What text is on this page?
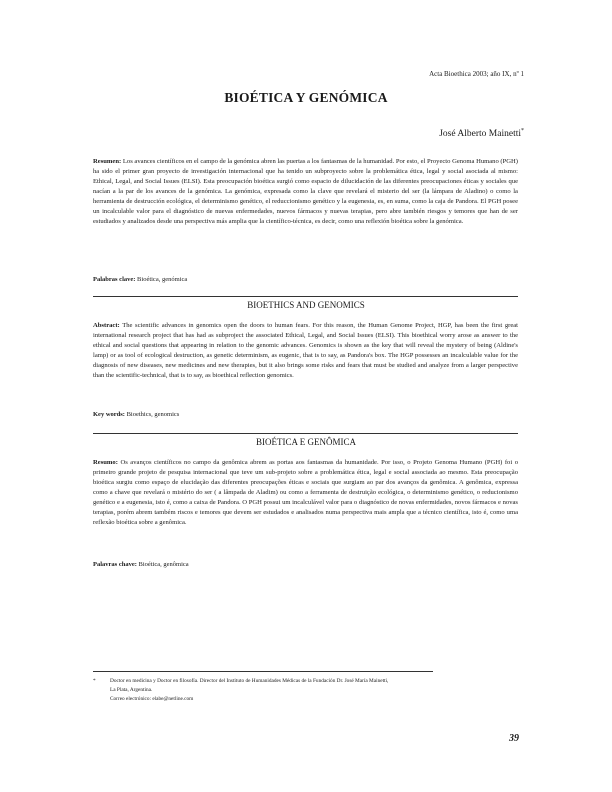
Acta Bioethica 2003; año IX, nº 1
BIOÉTICA Y GENÓMICA
José Alberto Mainetti*
Resumen: Los avances científicos en el campo de la genómica abren las puertas a los fantasmas de la humanidad. Por esto, el Proyecto Genoma Humano (PGH) ha sido el primer gran proyecto de investigación internacional que ha tenido un subproyecto sobre la problemática ética, legal y social asociada al mismo: Ethical, Legal, and Social Issues (ELSI). Esta preocupación bioética surgió como espacio de dilucidación de las diferentes preocupaciones éticas y sociales que nacían a la par de los avances de la genómica. La genómica, expresada como la clave que revelará el misterio del ser (la lámpara de Aladino) o como la herramienta de destrucción ecológica, el determinismo genético, el reduccionismo genético y la eugenesia, es, en suma, como la caja de Pandora. El PGH posee un incalculable valor para el diagnóstico de nuevas enfermedades, nuevos fármacos y nuevas terapias, pero abre también riesgos y temores que han de ser estudiados y analizados desde una perspectiva más amplia que la científico-técnica, es decir, como una reflexión bioética sobre la genómica.
Palabras clave: Bioética, genómica
BIOETHICS AND GENOMICS
Abstract: The scientific advances in genomics open the doors to human fears. For this reason, the Human Genome Project, HGP, has been the first great international research project that has had as subproject the associated Ethical, Legal, and Social Issues (ELSI). This bioethical worry arose as answer to the ethical and social questions that appearing in relation to the genomic advances. Genomics is shown as the key that will reveal the mystery of being (Aldine's lamp) or as tool of ecological destruction, as genetic determinism, as eugenic, that is to say, as Pandora's box. The HGP possesses an incalculable value for the diagnosis of new diseases, new medicines and new therapies, but it also brings some risks and fears that must be studied and analyze from a larger perspective than the scientific-technical, that is to say, as bioethical reflection genomics.
Key words: Bioethics, genomics
BIOÉTICA E GENÔMICA
Resumo: Os avanços científicos no campo da genômica abrem as portas aos fantasmas da humanidade. Por isso, o Projeto Genoma Humano (PGH) foi o primeiro grande projeto de pesquisa internacional que teve um sub-projeto sobre a problemática ética, legal e social associada ao mesmo. Esta preocupação bioética surgiu como espaço de elucidação das diferentes preocupações éticas e sociais que surgiam ao par dos avanços da genômica. A genômica, expressa como a chave que revelará o mistério do ser ( a lâmpada de Aladim) ou como a ferramenta de destruição ecológica, o determinismo genético, o reducionismo genético e a eugenesia, isto é, como a caixa de Pandora. O PGH possui um incalculável valor para o diagnóstico de novas enfermidades, novos fármacos e novas terapias, porém abrem também riscos e temores que devem ser estudados e analisados numa perspectiva mais ampla que a técnico científica, isto é, como uma reflexão bioética sobre a genômica.
Palavras chave: Bioética, genômica
*	Doctor en medicina y Doctor en filosofía. Director del Instituto de Humanidades Médicas de la Fundación Dr. José María Mainetti,
La Plata, Argentina.
Correo electrónico: elabe@netline.com
39
